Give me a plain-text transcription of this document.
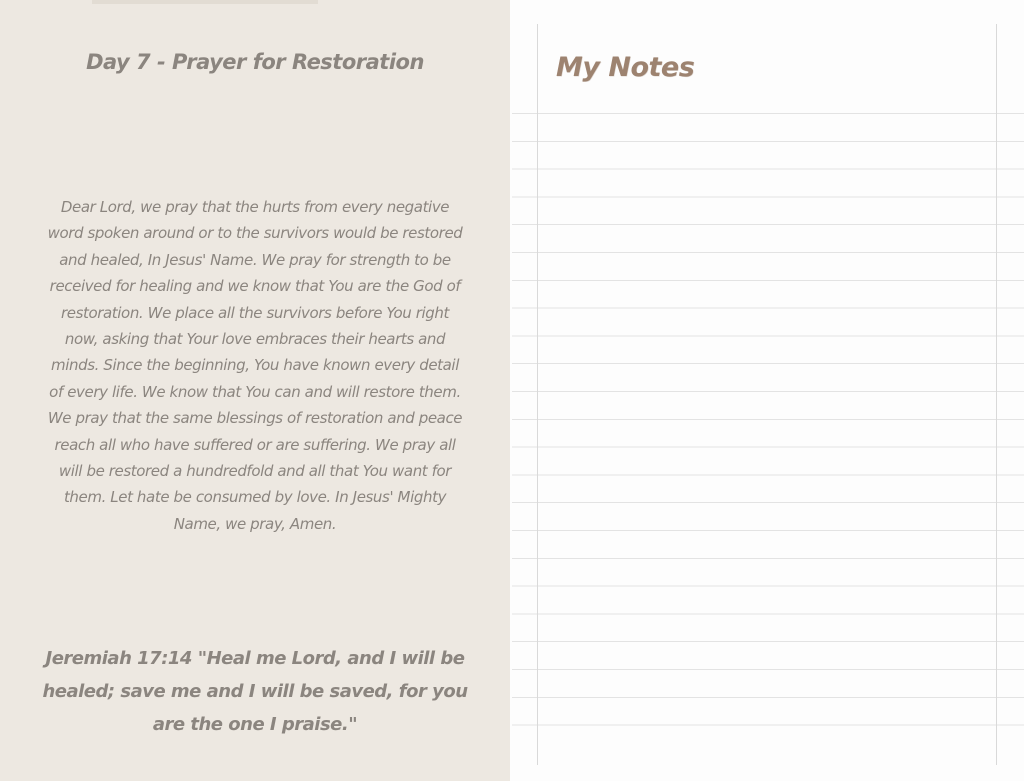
Day 7 - Prayer for Restoration
Dear Lord, we pray that the hurts from every negative
word spoken around or to the survivors would be restored
and healed, In Jesus' Name. We pray for strength to be
received for healing and we know that You are the God of
restoration. We place all the survivors before You right
now, asking that Your love embraces their hearts and
minds. Since the beginning, You have known every detail
of every life. We know that You can and will restore them.
We pray that the same blessings of restoration and peace
reach all who have suffered or are suffering. We pray all
will be restored a hundredfold and all that You want for
them. Let hate be consumed by love. In Jesus' Mighty
Name, we pray, Amen.
Jeremiah 17:14 "Heal me Lord, and I will be
healed; save me and I will be saved, for you
are the one I praise."
My Notes
